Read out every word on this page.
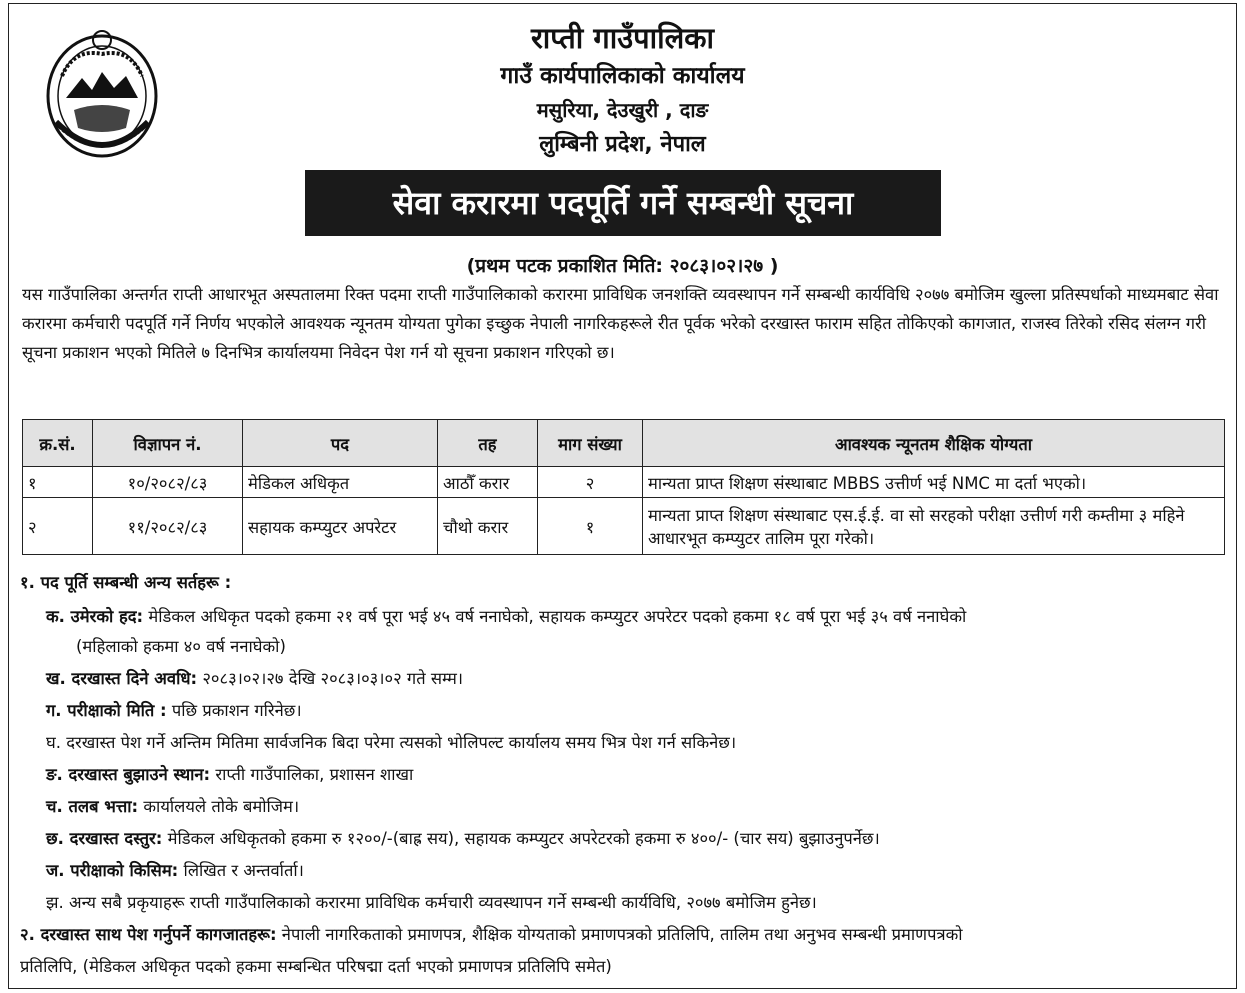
राप्ती गाउँपालिका
गाउँ कार्यपालिकाको कार्यालय
मसुरिया, देउखुरी , दाङ
लुम्बिनी प्रदेश, नेपाल
सेवा करारमा पदपूर्ति गर्ने सम्बन्धी सूचना
(प्रथम पटक प्रकाशित मिति: २०८३।०२।२७ )
यस गाउँपालिका अन्तर्गत राप्ती आधारभूत अस्पतालमा रिक्त पदमा राप्ती गाउँपालिकाको करारमा प्राविधिक जनशक्ति व्यवस्थापन गर्ने सम्बन्धी कार्यविधि २०७७ बमोजिम खुल्ला प्रतिस्पर्धाको माध्यमबाट सेवा करारमा कर्मचारी पदपूर्ति गर्ने निर्णय भएकोले आवश्यक न्यूनतम योग्यता पुगेका इच्छुक नेपाली नागरिकहरूले रीत पूर्वक भरेको दरखास्त फाराम सहित तोकिएको कागजात, राजस्व तिरेको रसिद संलग्न गरी सूचना प्रकाशन भएको मितिले ७ दिनभित्र कार्यालयमा निवेदन पेश गर्न यो सूचना प्रकाशन गरिएको छ।
क्र.सं.	विज्ञापन नं.	पद	तह	माग संख्या	आवश्यक न्यूनतम शैक्षिक योग्यता
१	१०/२०८२/८३	मेडिकल अधिकृत	आठौँ करार	२	मान्यता प्राप्त शिक्षण संस्थाबाट MBBS उत्तीर्ण भई NMC मा दर्ता भएको।
२	११/२०८२/८३	सहायक कम्प्युटर अपरेटर	चौथो करार	१	मान्यता प्राप्त शिक्षण संस्थाबाट एस.ई.ई. वा सो सरहको परीक्षा उत्तीर्ण गरी कम्तीमा ३ महिने आधारभूत कम्प्युटर तालिम पूरा गरेको।
१. पद पूर्ति सम्बन्धी अन्य सर्तहरू :
क. उमेरको हद: मेडिकल अधिकृत पदको हकमा २१ वर्ष पूरा भई ४५ वर्ष ननाघेको, सहायक कम्प्युटर अपरेटर पदको हकमा १८ वर्ष पूरा भई ३५ वर्ष ननाघेको
(महिलाको हकमा ४० वर्ष ननाघेको)
ख. दरखास्त दिने अवधि: २०८३।०२।२७ देखि २०८३।०३।०२ गते सम्म।
ग. परीक्षाको मिति : पछि प्रकाशन गरिनेछ।
घ. दरखास्त पेश गर्ने अन्तिम मितिमा सार्वजनिक बिदा परेमा त्यसको भोलिपल्ट कार्यालय समय भित्र पेश गर्न सकिनेछ।
ङ. दरखास्त बुझाउने स्थान: राप्ती गाउँपालिका, प्रशासन शाखा
च. तलब भत्ता: कार्यालयले तोके बमोजिम।
छ. दरखास्त दस्तुर: मेडिकल अधिकृतको हकमा रु १२००/-(बाह्र सय), सहायक कम्प्युटर अपरेटरको हकमा रु ४००/- (चार सय) बुझाउनुपर्नेछ।
ज. परीक्षाको किसिम: लिखित र अन्तर्वार्ता।
झ. अन्य सबै प्रकृयाहरू राप्ती गाउँपालिकाको करारमा प्राविधिक कर्मचारी व्यवस्थापन गर्ने सम्बन्धी कार्यविधि, २०७७ बमोजिम हुनेछ।
२. दरखास्त साथ पेश गर्नुपर्ने कागजातहरू: नेपाली नागरिकताको प्रमाणपत्र, शैक्षिक योग्यताको प्रमाणपत्रको प्रतिलिपि, तालिम तथा अनुभव सम्बन्धी प्रमाणपत्रको
प्रतिलिपि, (मेडिकल अधिकृत पदको हकमा सम्बन्धित परिषद्मा दर्ता भएको प्रमाणपत्र प्रतिलिपि समेत)
